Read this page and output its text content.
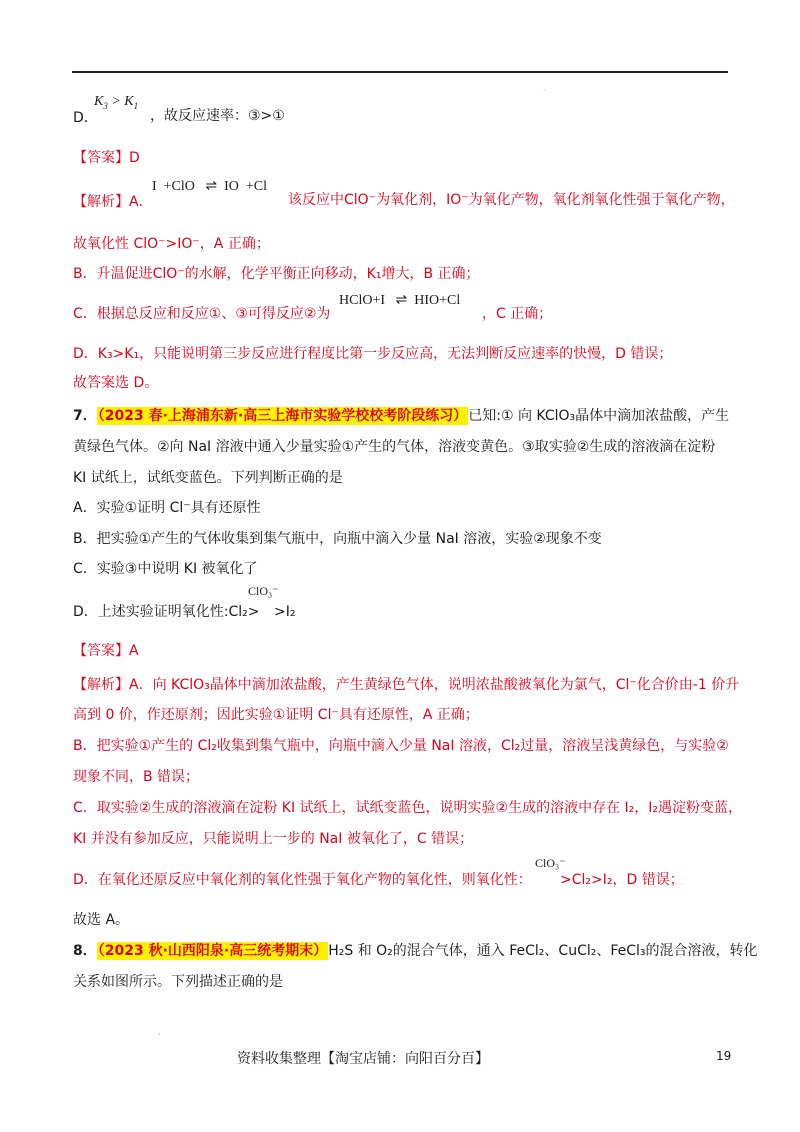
·
D．
$K_3 > K_1$
，故反应速率：③>①
【答案】D
【解析】A．
I  +ClO   ⇌  IO  +Cl
该反应中ClO⁻为氧化剂，IO⁻为氧化产物，氧化剂氧化性强于氧化产物，
故氧化性 ClO⁻>IO⁻，A 正确；
B．升温促进ClO⁻的水解，化学平衡正向移动，K₁增大，B 正确；
C．根据总反应和反应①、③可得反应②为
HClO+I   ⇌  HIO+Cl
，C 正确；
D．K₃>K₁，只能说明第三步反应进行程度比第一步反应高，无法判断反应速率的快慢，D 错误；
故答案选 D。
7．（2023 春·上海浦东新·高三上海市实验学校校考阶段练习）已知:① 向 KClO₃晶体中滴加浓盐酸，产生
黄绿色气体。②向 NaI 溶液中通入少量实验①产生的气体，溶液变黄色。③取实验②生成的溶液滴在淀粉
KI 试纸上，试纸变蓝色。下列判断正确的是
A．实验①证明 Cl⁻具有还原性
B．把实验①产生的气体收集到集气瓶中，向瓶中滴入少量 NaI 溶液，实验②现象不变
C．实验③中说明 KI 被氧化了
D．上述实验证明氧化性:Cl₂>
ClO₃⁻
>I₂
【答案】A
【解析】A．向 KClO₃晶体中滴加浓盐酸，产生黄绿色气体，说明浓盐酸被氧化为氯气，Cl⁻化合价由-1 价升
高到 0 价，作还原剂；因此实验①证明 Cl⁻具有还原性，A 正确；
B．把实验①产生的 Cl₂收集到集气瓶中，向瓶中滴入少量 NaI 溶液，Cl₂过量，溶液呈浅黄绿色，与实验②
现象不同，B 错误；
C．取实验②生成的溶液滴在淀粉 KI 试纸上，试纸变蓝色，说明实验②生成的溶液中存在 I₂，I₂遇淀粉变蓝，
KI 并没有参加反应，只能说明上一步的 NaI 被氧化了，C 错误；
D．在氧化还原反应中氧化剂的氧化性强于氧化产物的氧化性，则氧化性：
ClO₃⁻
>Cl₂>I₂，D 错误；
故选 A。
8．（2023 秋·山西阳泉·高三统考期末）H₂S 和 O₂的混合气体，通入 FeCl₂、CuCl₂、FeCl₃的混合溶液，转化
关系如图所示。下列描述正确的是
·
资料收集整理【淘宝店铺：向阳百分百】	19
